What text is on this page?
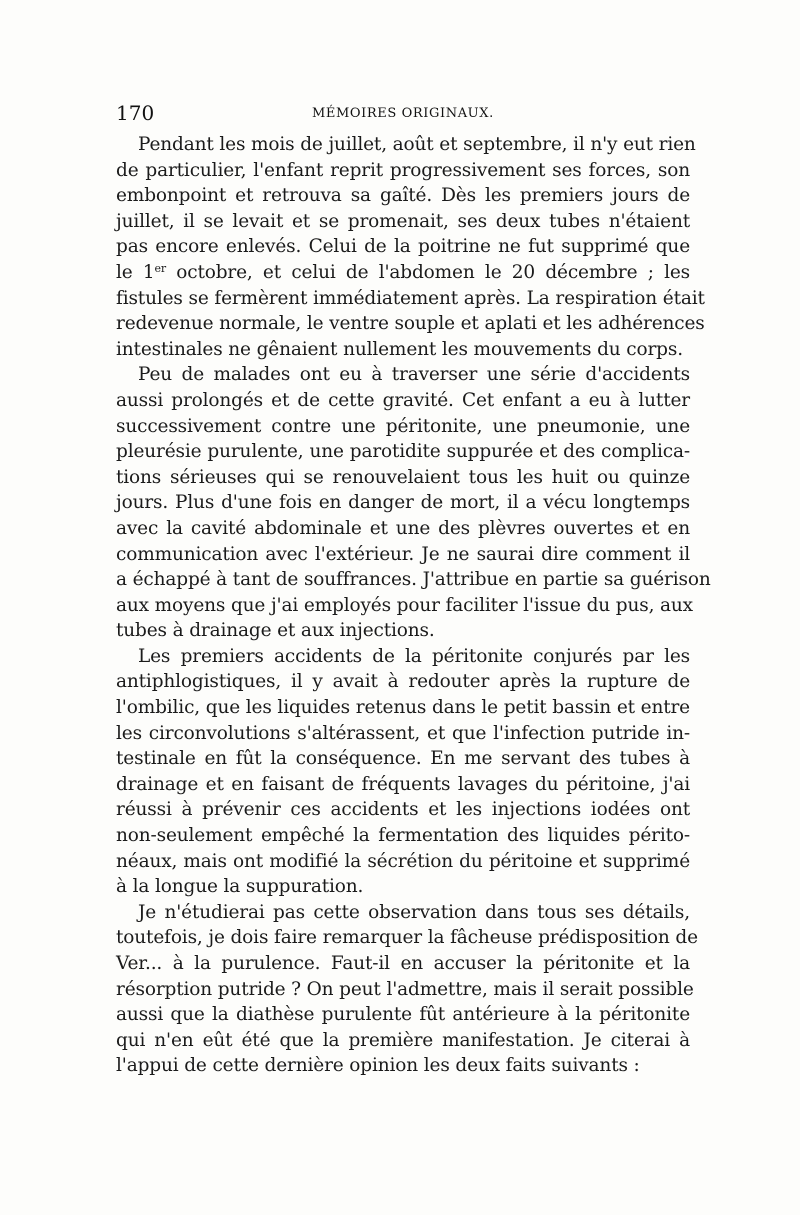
170	MÉMOIRES ORIGINAUX.
Pendant les mois de juillet, août et septembre, il n'y eut rien
de particulier, l'enfant reprit progressivement ses forces, son
embonpoint et retrouva sa gaîté. Dès les premiers jours de
juillet, il se levait et se promenait, ses deux tubes n'étaient
pas encore enlevés. Celui de la poitrine ne fut supprimé que
le 1er octobre, et celui de l'abdomen le 20 décembre ; les
fistules se fermèrent immédiatement après. La respiration était
redevenue normale, le ventre souple et aplati et les adhérences
intestinales ne gênaient nullement les mouvements du corps.
Peu de malades ont eu à traverser une série d'accidents
aussi prolongés et de cette gravité. Cet enfant a eu à lutter
successivement contre une péritonite, une pneumonie, une
pleurésie purulente, une parotidite suppurée et des complica-
tions sérieuses qui se renouvelaient tous les huit ou quinze
jours. Plus d'une fois en danger de mort, il a vécu longtemps
avec la cavité abdominale et une des plèvres ouvertes et en
communication avec l'extérieur. Je ne saurai dire comment il
a échappé à tant de souffrances. J'attribue en partie sa guérison
aux moyens que j'ai employés pour faciliter l'issue du pus, aux
tubes à drainage et aux injections.
Les premiers accidents de la péritonite conjurés par les
antiphlogistiques, il y avait à redouter après la rupture de
l'ombilic, que les liquides retenus dans le petit bassin et entre
les circonvolutions s'altérassent, et que l'infection putride in-
testinale en fût la conséquence. En me servant des tubes à
drainage et en faisant de fréquents lavages du péritoine, j'ai
réussi à prévenir ces accidents et les injections iodées ont
non-seulement empêché la fermentation des liquides périto-
néaux, mais ont modifié la sécrétion du péritoine et supprimé
à la longue la suppuration.
Je n'étudierai pas cette observation dans tous ses détails,
toutefois, je dois faire remarquer la fâcheuse prédisposition de
Ver... à la purulence. Faut-il en accuser la péritonite et la
résorption putride ? On peut l'admettre, mais il serait possible
aussi que la diathèse purulente fût antérieure à la péritonite
qui n'en eût été que la première manifestation. Je citerai à
l'appui de cette dernière opinion les deux faits suivants :
